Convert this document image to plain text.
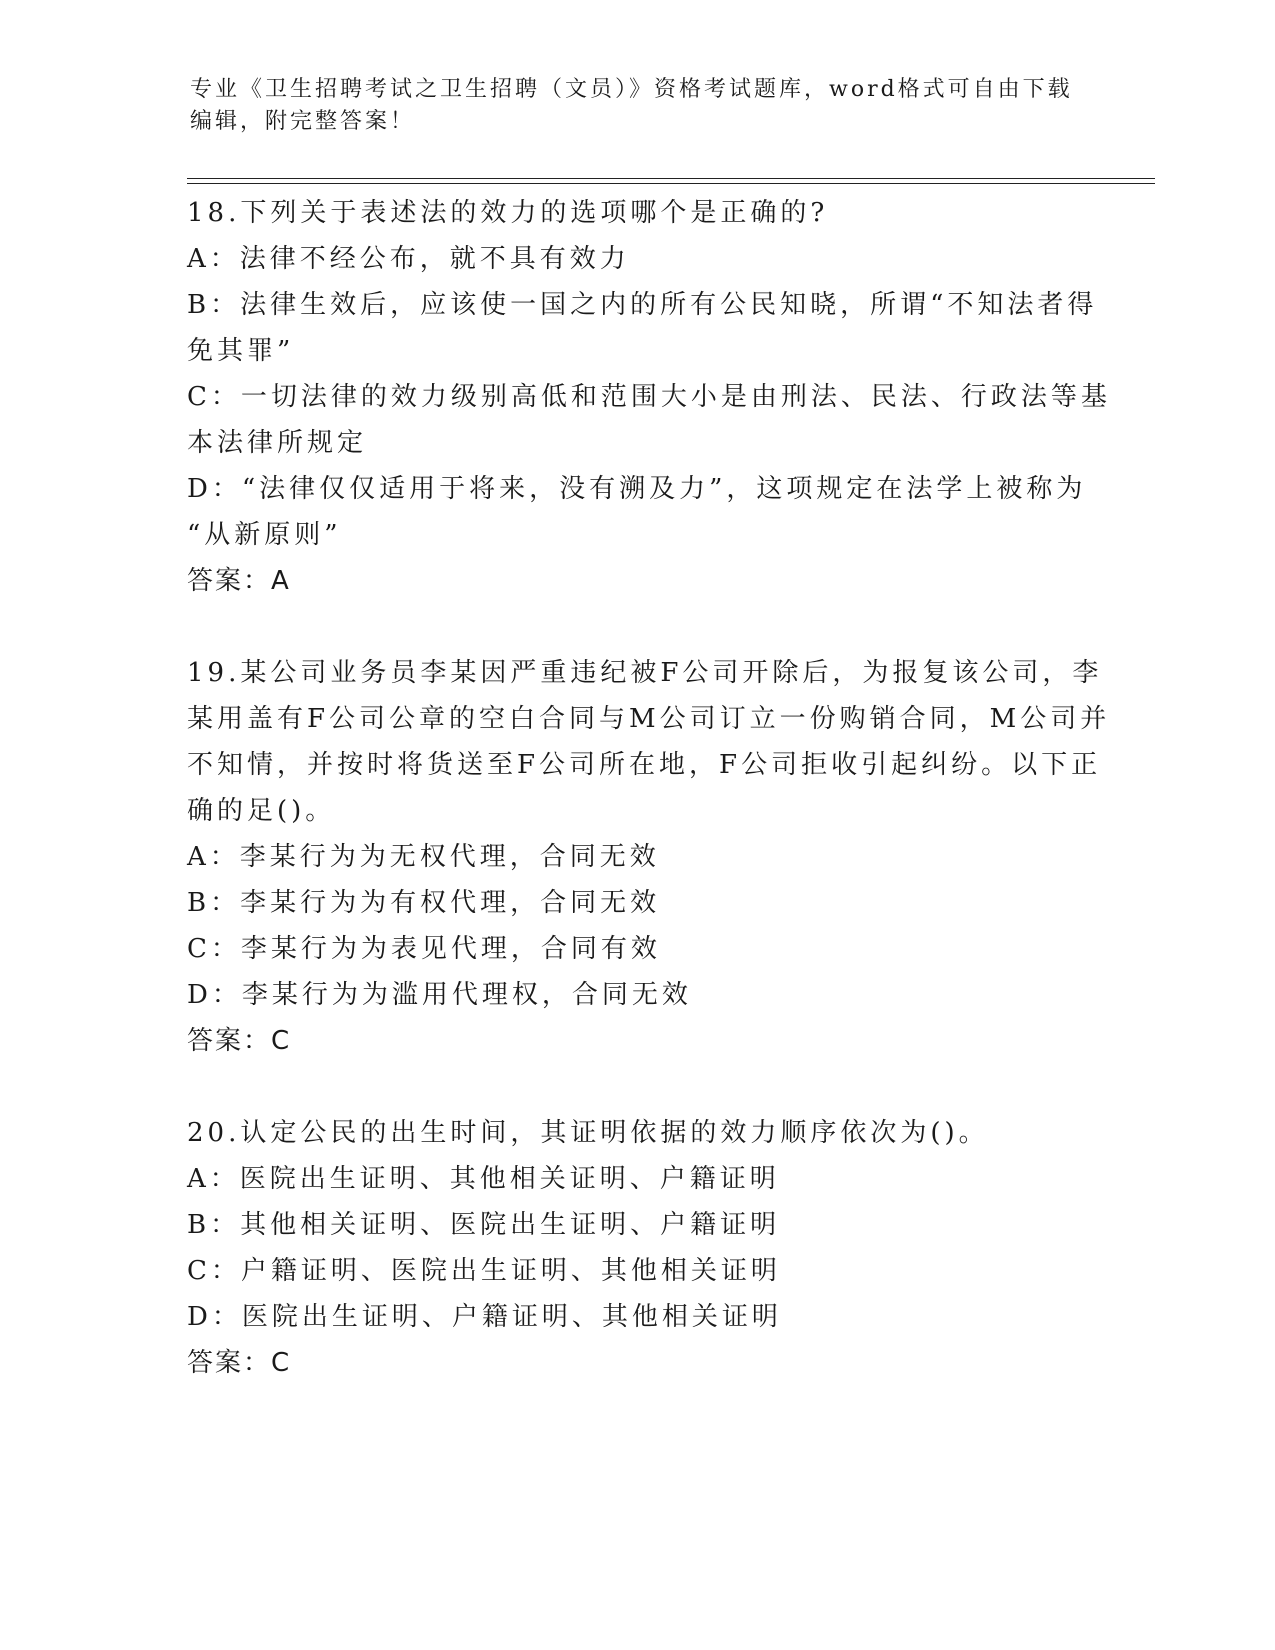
专业《卫生招聘考试之卫生招聘（文员）》资格考试题库，word格式可自由下载
编辑，附完整答案！
18.下列关于表述法的效力的选项哪个是正确的?
A：法律不经公布，就不具有效力
B：法律生效后，应该使一国之内的所有公民知晓，所谓“不知法者得
免其罪”
C：一切法律的效力级别高低和范围大小是由刑法、民法、行政法等基
本法律所规定
D：“法律仅仅适用于将来，没有溯及力”，这项规定在法学上被称为
“从新原则”
答案：A
19.某公司业务员李某因严重违纪被F公司开除后，为报复该公司，李
某用盖有F公司公章的空白合同与M公司订立一份购销合同，M公司并
不知情，并按时将货送至F公司所在地，F公司拒收引起纠纷。以下正
确的足()。
A：李某行为为无权代理，合同无效
B：李某行为为有权代理，合同无效
C：李某行为为表见代理，合同有效
D：李某行为为滥用代理权，合同无效
答案：C
20.认定公民的出生时间，其证明依据的效力顺序依次为()。
A：医院出生证明、其他相关证明、户籍证明
B：其他相关证明、医院出生证明、户籍证明
C：户籍证明、医院出生证明、其他相关证明
D：医院出生证明、户籍证明、其他相关证明
答案：C
